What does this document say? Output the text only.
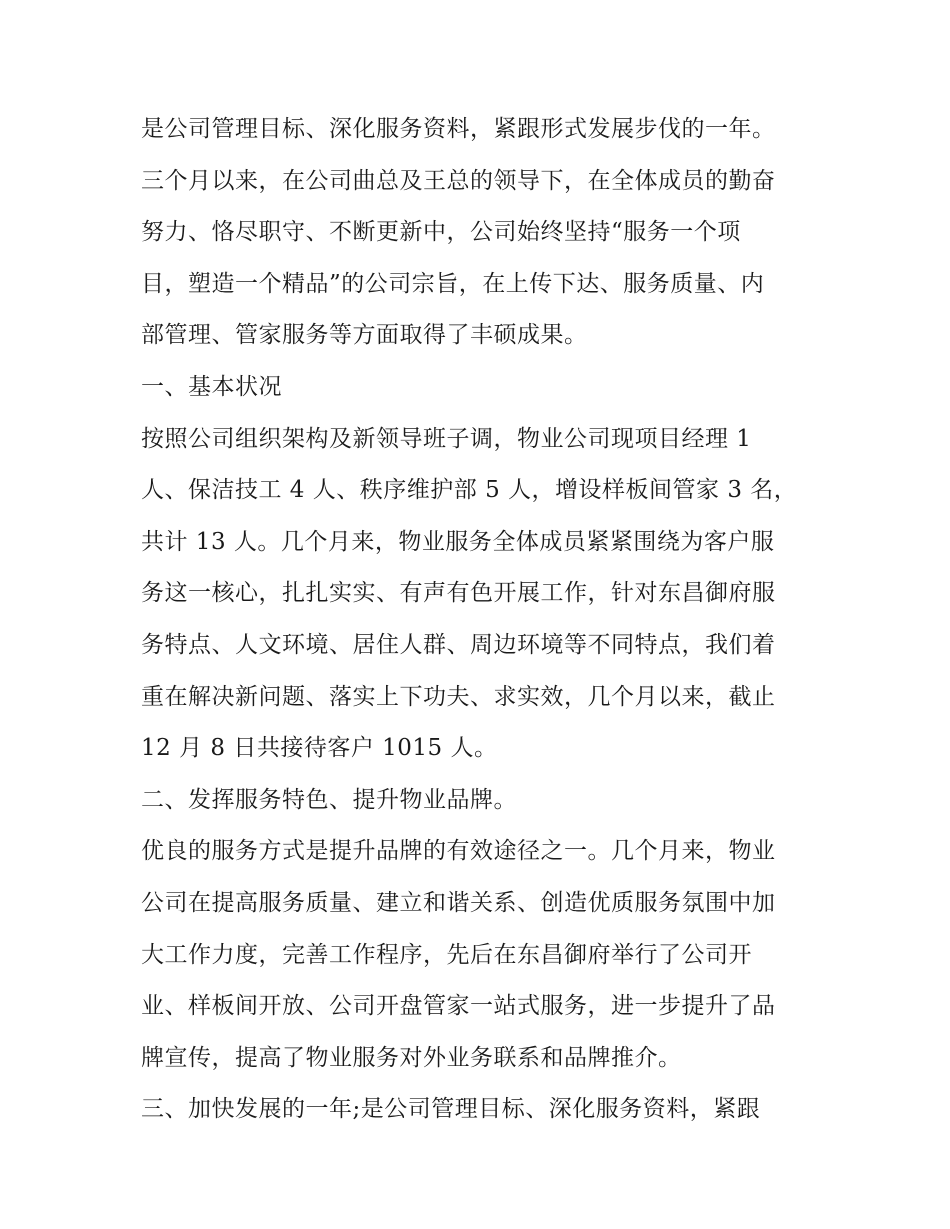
是公司管理目标、深化服务资料，紧跟形式发展步伐的一年。
三个月以来，在公司曲总及王总的领导下，在全体成员的勤奋
努力、恪尽职守、不断更新中，公司始终坚持“服务一个项
目，塑造一个精品”的公司宗旨，在上传下达、服务质量、内
部管理、管家服务等方面取得了丰硕成果。
一、基本状况
按照公司组织架构及新领导班子调，物业公司现项目经理 1
人、保洁技工 4 人、秩序维护部 5 人，增设样板间管家 3 名，
共计 13 人。几个月来，物业服务全体成员紧紧围绕为客户服
务这一核心，扎扎实实、有声有色开展工作，针对东昌御府服
务特点、人文环境、居住人群、周边环境等不同特点，我们着
重在解决新问题、落实上下功夫、求实效，几个月以来，截止
12 月 8 日共接待客户 1015 人。
二、发挥服务特色、提升物业品牌。
优良的服务方式是提升品牌的有效途径之一。几个月来，物业
公司在提高服务质量、建立和谐关系、创造优质服务氛围中加
大工作力度，完善工作程序，先后在东昌御府举行了公司开
业、样板间开放、公司开盘管家一站式服务，进一步提升了品
牌宣传，提高了物业服务对外业务联系和品牌推介。
三、加快发展的一年;是公司管理目标、深化服务资料，紧跟
